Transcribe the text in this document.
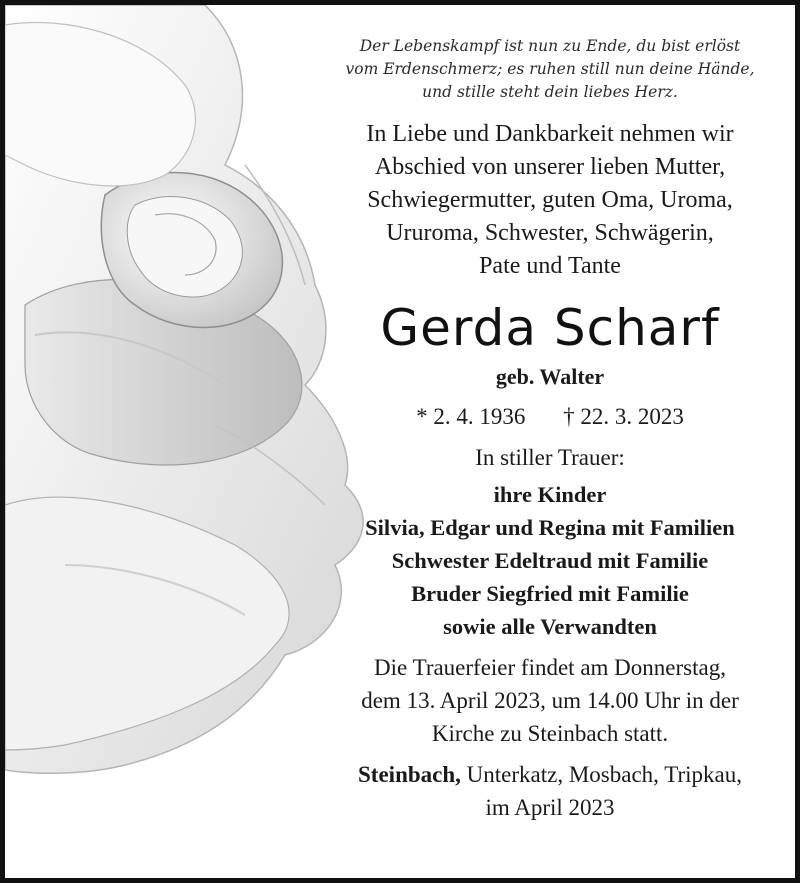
Der Lebenskampf ist nun zu Ende, du bist erlöst
vom Erdenschmerz; es ruhen still nun deine Hände,
und stille steht dein liebes Herz.
In Liebe und Dankbarkeit nehmen wir
Abschied von unserer lieben Mutter,
Schwiegermutter, guten Oma, Uroma,
Ururoma, Schwester, Schwägerin,
Pate und Tante
Gerda Scharf
geb. Walter
* 2. 4. 1936 † 22. 3. 2023
In stiller Trauer:
ihre Kinder
Silvia, Edgar und Regina mit Familien
Schwester Edeltraud mit Familie
Bruder Siegfried mit Familie
sowie alle Verwandten
Die Trauerfeier findet am Donnerstag,
dem 13. April 2023, um 14.00 Uhr in der
Kirche zu Steinbach statt.
Steinbach, Unterkatz, Mosbach, Tripkau,
im April 2023
